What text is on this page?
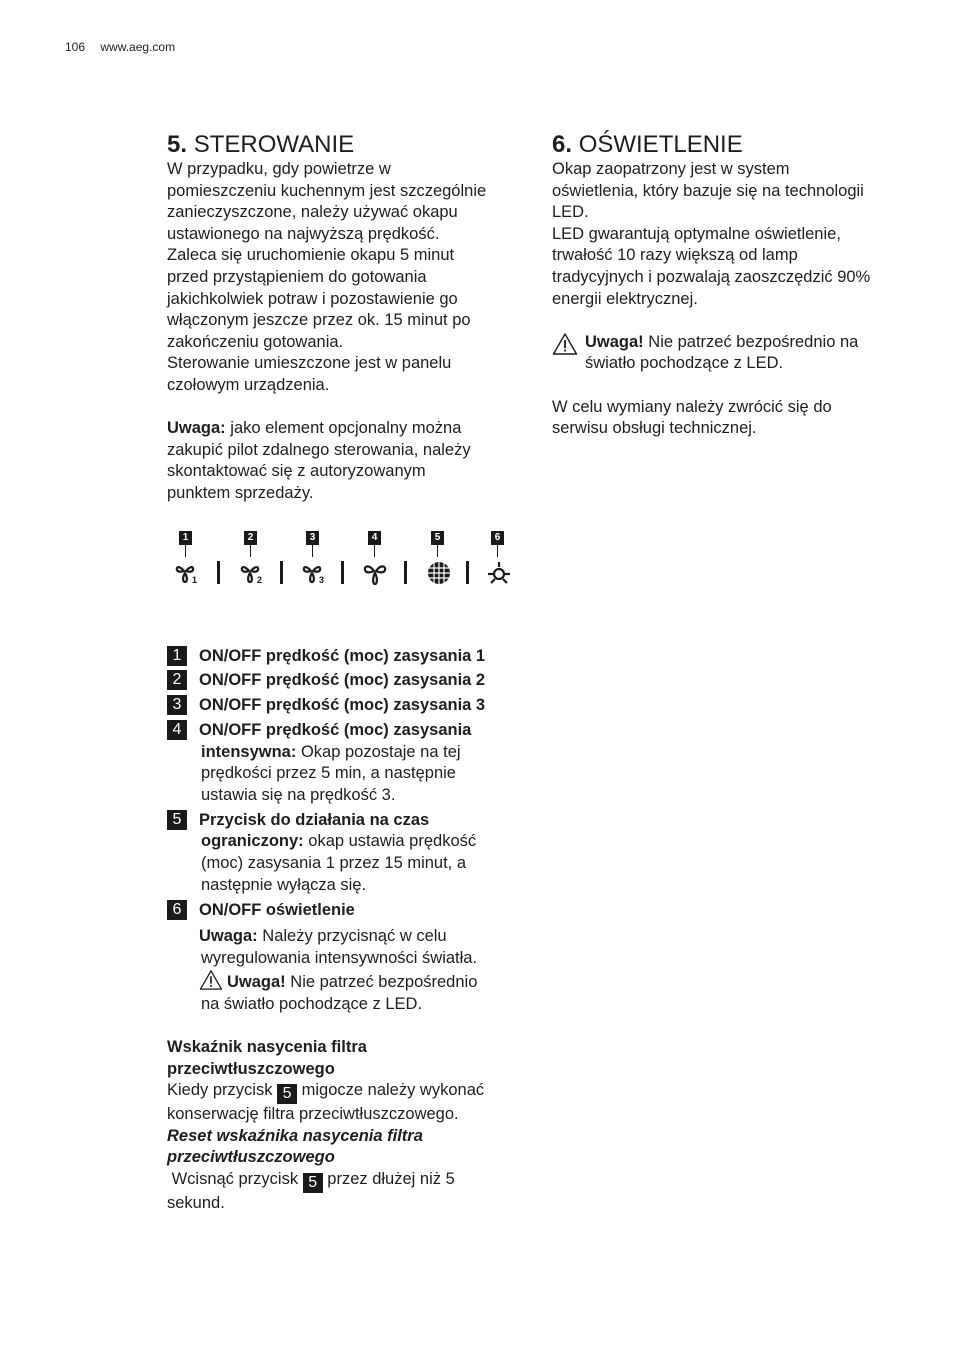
106 www.aeg.com
5. STEROWANIE

W przypadku, gdy powietrze w
pomieszczeniu kuchennym jest szczególnie
zanieczyszczone, należy używać okapu
ustawionego na najwyższą prędkość.
Zaleca się uruchomienie okapu 5 minut
przed przystąpieniem do gotowania
jakichkolwiek potraw i pozostawienie go
włączonym jeszcze przez ok. 15 minut po
zakończeniu gotowania.

Sterowanie umieszczone jest w panelu
czołowym urządzenia.

Uwaga: jako element opcjonalny można
zakupić pilot zdalnego sterowania, należy
skontaktować się z autoryzowanym
punktem sprzedaży.

1
1
2
2
3
3
4	5	6
1	ON/OFF prędkość (moc) zasysania 1
2	ON/OFF prędkość (moc) zasysania 2
3	ON/OFF prędkość (moc) zasysania 3
4	ON/OFF prędkość (moc) zasysania
intensywna: Okap pozostaje na tej
prędkości przez 5 min, a następnie
ustawia się na prędkość 3.
5	Przycisk do działania na czas
ograniczony: okap ustawia prędkość
(moc) zasysania 1 przez 15 minut, a
następnie wyłącza się.
6	ON/OFF oświetlenie

Uwaga: Należy przycisnąć w celu
wyregulowania intensywności światła.
Uwaga! Nie patrzeć bezpośrednio
na światło pochodzące z LED.

Wskaźnik nasycenia filtra
przeciwtłuszczowego
Kiedy przycisk 5 migocze należy wykonać
konserwację filtra przeciwtłuszczowego.
Reset wskaźnika nasycenia filtra
przeciwtłuszczowego
Wcisnąć przycisk 5 przez dłużej niż 5
sekund.

6. OŚWIETLENIE

Okap zaopatrzony jest w system
oświetlenia, który bazuje się na technologii
LED.

LED gwarantują optymalne oświetlenie,
trwałość 10 razy większą od lamp
tradycyjnych i pozwalają zaoszczędzić 90%
energii elektrycznej.

Uwaga! Nie patrzeć bezpośrednio na
światło pochodzące z LED.

W celu wymiany należy zwrócić się do
serwisu obsługi technicznej.
